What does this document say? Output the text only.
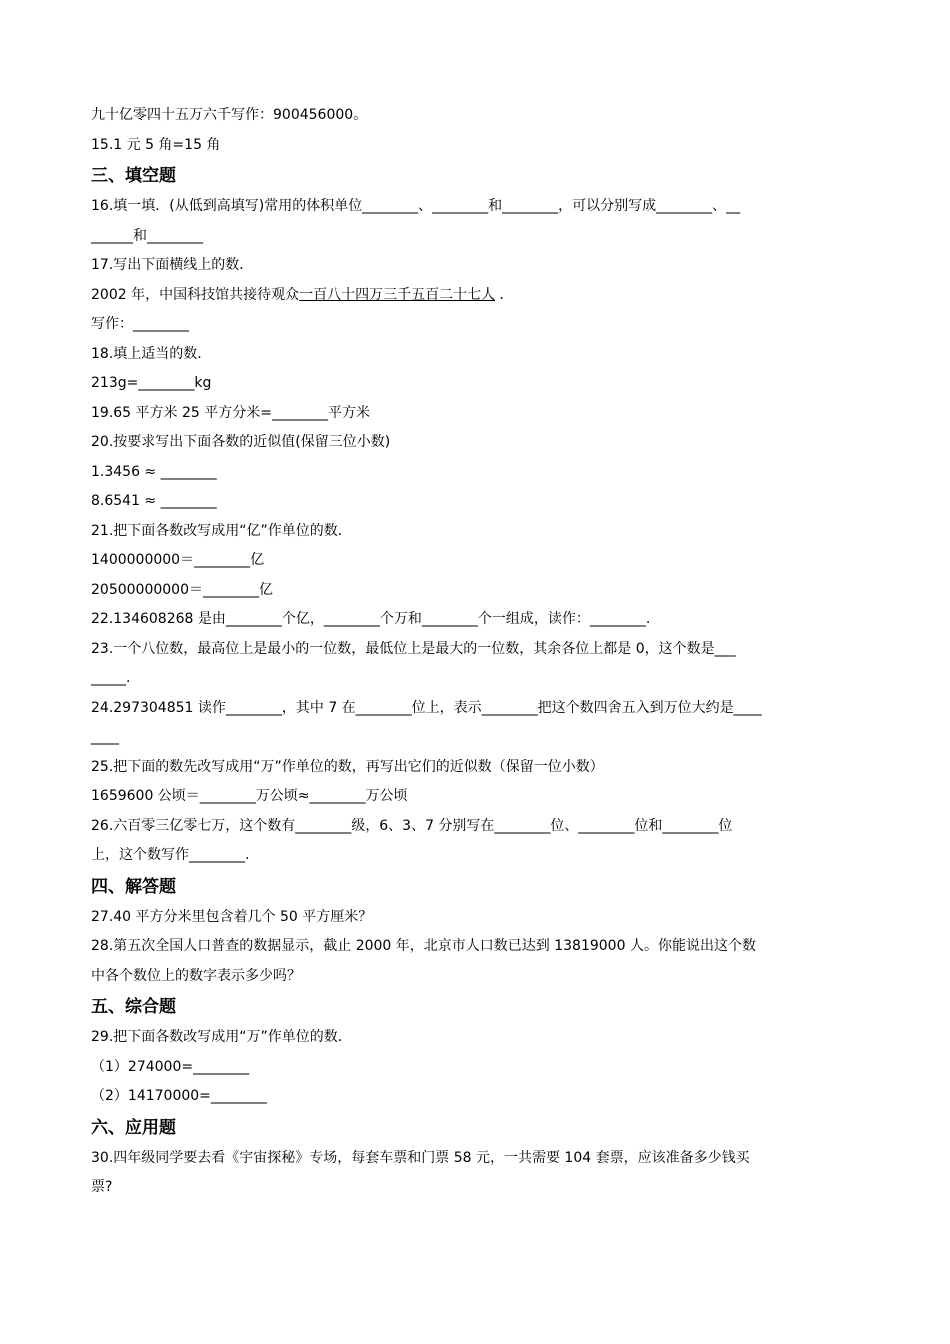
九十亿零四十五万六千写作：900456000。
15.1 元 5 角=15 角
三、填空题
16.填一填．(从低到高填写)常用的体积单位________、________和________，可以分别写成________、__
______和________
17.写出下面横线上的数．
2002 年，中国科技馆共接待观众一百八十四万三千五百二十七人 ．
写作：________
18.填上适当的数.
213g=________kg
19.65 平方米 25 平方分米=________平方米
20.按要求写出下面各数的近似值(保留三位小数)
1.3456 ≈ ________
8.6541 ≈ ________
21.把下面各数改写成用“亿”作单位的数．
1400000000＝________亿
20500000000＝________亿
22.134608268 是由________个亿，________个万和________个一组成，读作：________.
23.一个八位数，最高位上是最小的一位数，最低位上是最大的一位数，其余各位上都是 0，这个数是___
_____.
24.297304851 读作________，其中 7 在________位上，表示________把这个数四舍五入到万位大约是____
____
25.把下面的数先改写成用“万”作单位的数，再写出它们的近似数（保留一位小数）
1659600 公顷＝________万公顷≈________万公顷
26.六百零三亿零七万，这个数有________级，6、3、7 分别写在________位、________位和________位
上，这个数写作________.
四、解答题
27.40 平方分米里包含着几个 50 平方厘米？
28.第五次全国人口普查的数据显示，截止 2000 年，北京市人口数已达到 13819000 人。你能说出这个数
中各个数位上的数字表示多少吗？
五、综合题
29.把下面各数改写成用“万”作单位的数．
（1）274000=________
（2）14170000=________
六、应用题
30.四年级同学要去看《宇宙探秘》专场，每套车票和门票 58 元，一共需要 104 套票，应该准备多少钱买
票?
